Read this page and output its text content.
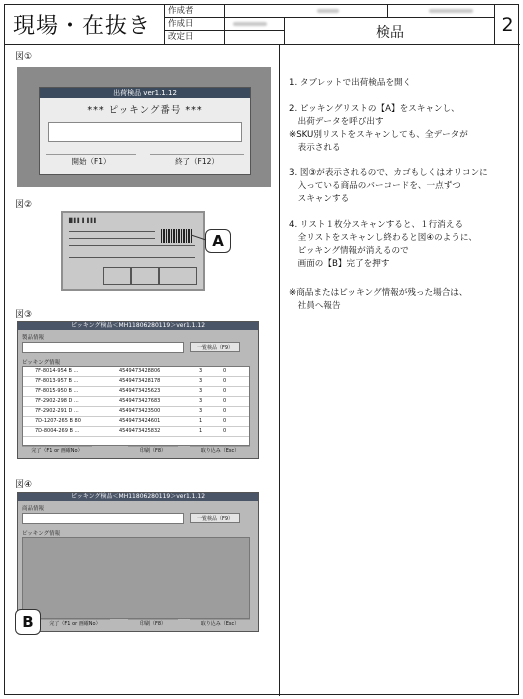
現場・在抜き
作成者
作成日
改定日	検品	2
図①
出荷検品 ver1.1.12
*** ピッキング番号 ***
開始（F1）	終了（F12）
図②
█ ▌▌ ▌ ▌▌▌
A
図③
ピッキング検品＜MH11806280119＞ver1.1.12
製品情報
一覧検品（F9）
ピッキング情報
7F-8014-954 B ...	4549473428806	3	0
7F-8013-957 B ...	4549473428178	3	0
7F-8015-950 B ...	4549473425623	3	0
7F-2902-298 D ...	4549473427683	3	0
7F-2902-291 D ...	4549473423500	3	0
7D-1207-265 B 80	4549473424601	1	0
7D-8004-269 B ...	4549473425832	1	0
完了（F1 or 画確No）	印刷（F8）	取り込み（Esc）
図④
ピッキング検品＜MH11806280119＞ver1.1.12
商品情報
一覧検品（F9）
ピッキング情報
完了（F1 or 画確No）	印刷（F8）	取り込み（Esc）
B
1. タブレットで出荷検品を開く
2. ピッキングリストの【A】をスキャンし、
　出荷データを呼び出す
※SKU別リストをスキャンしても、全データが
　表示される
3. 図③が表示されるので、カゴもしくはオリコンに
　入っている商品のバーコードを、一点ずつ
　スキャンする
4. リスト１枚分スキャンすると、１行消える
　全リストをスキャンし終わると図④のように、
　ピッキング情報が消えるので
　画面の【B】完了を押す
※商品またはピッキング情報が残った場合は、
　社員へ報告
